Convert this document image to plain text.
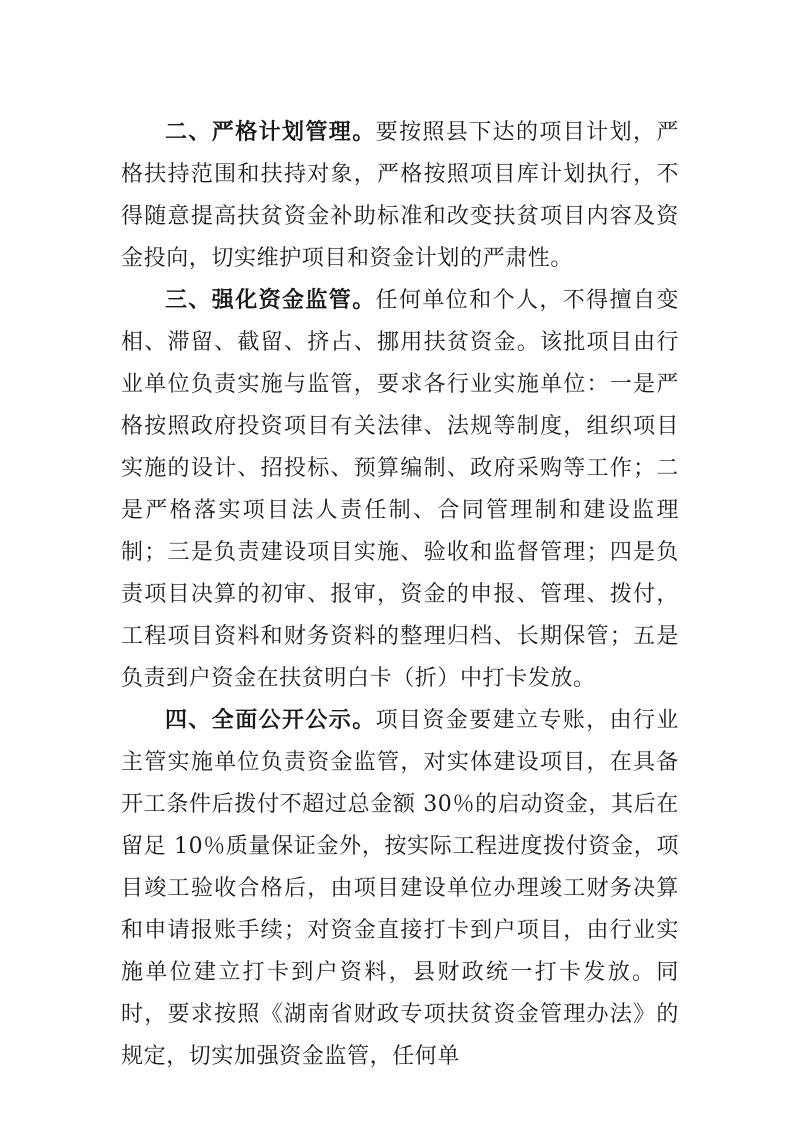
二、严格计划管理。要按照县下达的项目计划，严格扶持范围和扶持对象，严格按照项目库计划执行，不得随意提高扶贫资金补助标准和改变扶贫项目内容及资金投向，切实维护项目和资金计划的严肃性。

三、强化资金监管。任何单位和个人，不得擅自变相、滞留、截留、挤占、挪用扶贫资金。该批项目由行业单位负责实施与监管，要求各行业实施单位：一是严格按照政府投资项目有关法律、法规等制度，组织项目实施的设计、招投标、预算编制、政府采购等工作；二是严格落实项目法人责任制、合同管理制和建设监理制；三是负责建设项目实施、验收和监督管理；四是负责项目决算的初审、报审，资金的申报、管理、拨付，工程项目资料和财务资料的整理归档、长期保管；五是负责到户资金在扶贫明白卡（折）中打卡发放。

四、全面公开公示。项目资金要建立专账，由行业主管实施单位负责资金监管，对实体建设项目，在具备开工条件后拨付不超过总金额 30％的启动资金，其后在留足 10％质量保证金外，按实际工程进度拨付资金，项目竣工验收合格后，由项目建设单位办理竣工财务决算和申请报账手续；对资金直接打卡到户项目，由行业实施单位建立打卡到户资料，县财政统一打卡发放。同时，要求按照《湖南省财政专项扶贫资金管理办法》的规定，切实加强资金监管，任何单
